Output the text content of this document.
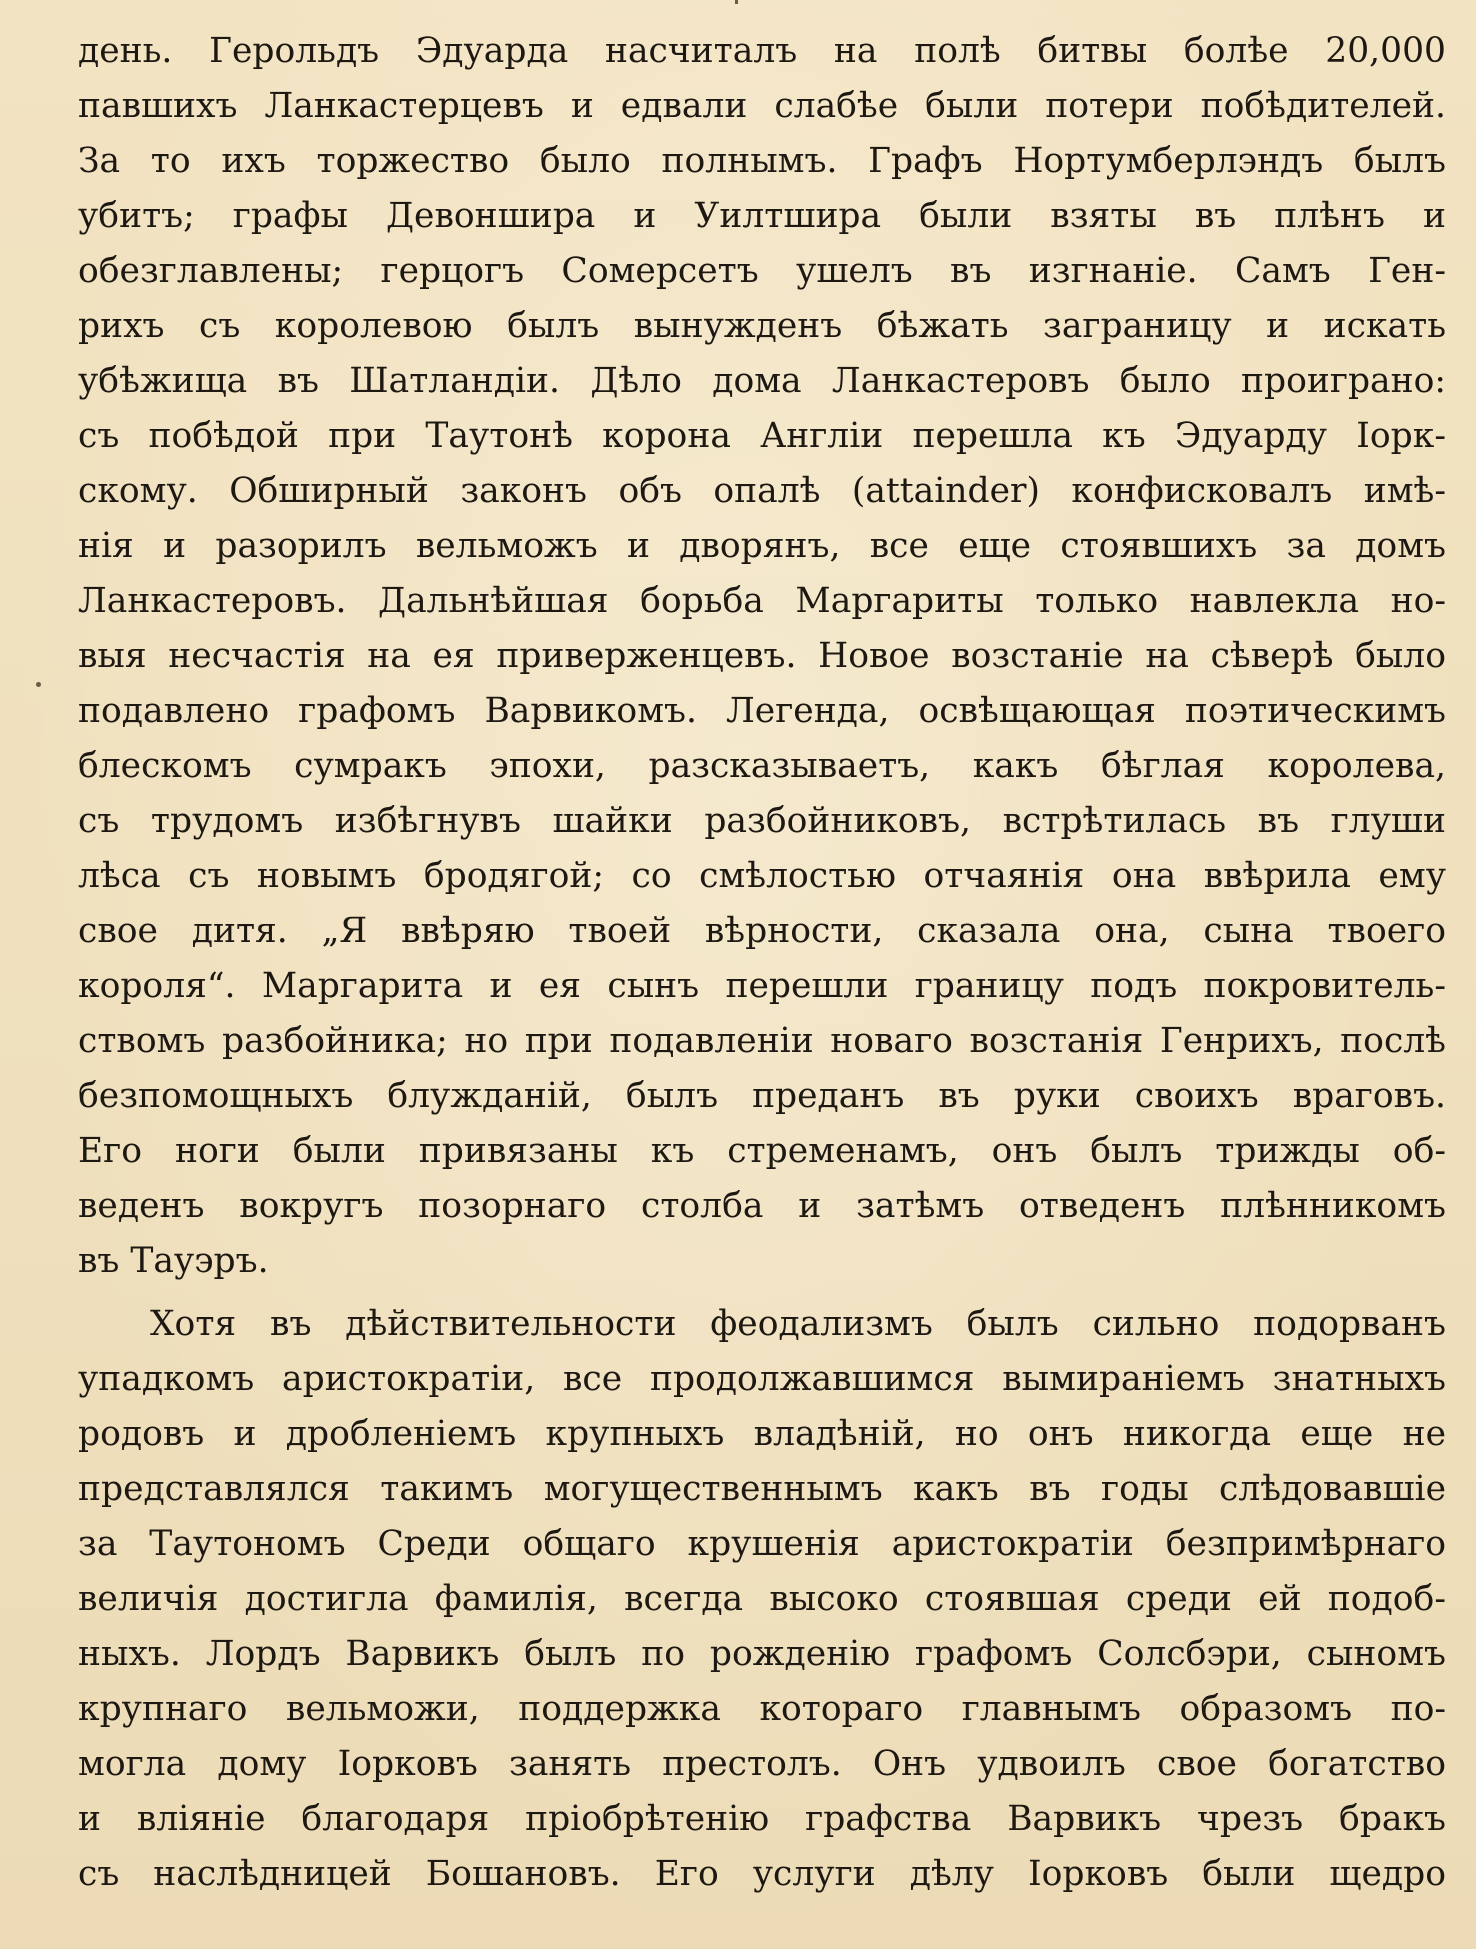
день. Герольдъ Эдуарда насчиталъ на полѣ битвы болѣе 20,000
павшихъ Ланкастерцевъ и едвали слабѣе были потери побѣдителей.
За то ихъ торжество было полнымъ. Графъ Нортумберлэндъ былъ
убитъ; графы Девоншира и Уилтшира были взяты въ плѣнъ и
обезглавлены; герцогъ Сомерсетъ ушелъ въ изгнаніе. Самъ Ген-
рихъ съ королевою былъ вынужденъ бѣжать заграницу и искать
убѣжища въ Шатландіи. Дѣло дома Ланкастеровъ было проиграно:
съ побѣдой при Таутонѣ корона Англіи перешла къ Эдуарду Іорк-
скому. Обширный законъ объ опалѣ (attainder) конфисковалъ имѣ-
нія и разорилъ вельможъ и дворянъ, все еще стоявшихъ за домъ
Ланкастеровъ. Дальнѣйшая борьба Маргариты только навлекла но-
выя несчастія на ея приверженцевъ. Новое возстаніе на сѣверѣ было
подавлено графомъ Варвикомъ. Легенда, освѣщающая поэтическимъ
блескомъ сумракъ эпохи, разсказываетъ, какъ бѣглая королева,
съ трудомъ избѣгнувъ шайки разбойниковъ, встрѣтилась въ глуши
лѣса съ новымъ бродягой; со смѣлостью отчаянія она ввѣрила ему
свое дитя. „Я ввѣряю твоей вѣрности, сказала она, сына твоего
короля“. Маргарита и ея сынъ перешли границу подъ покровитель-
ствомъ разбойника; но при подавленіи новаго возстанія Генрихъ, послѣ
безпомощныхъ блужданій, былъ преданъ въ руки своихъ враговъ.
Его ноги были привязаны къ стременамъ, онъ былъ трижды об-
веденъ вокругъ позорнаго столба и затѣмъ отведенъ плѣнникомъ
въ Тауэръ.
Хотя въ дѣйствительности феодализмъ былъ сильно подорванъ
упадкомъ аристократіи, все продолжавшимся вымираніемъ знатныхъ
родовъ и дробленіемъ крупныхъ владѣній, но онъ никогда еще не
представлялся такимъ могущественнымъ какъ въ годы слѣдовавшіе
за Таутономъ Среди общаго крушенія аристократіи безпримѣрнаго
величія достигла фамилія, всегда высоко стоявшая среди ей подоб-
ныхъ. Лордъ Варвикъ былъ по рожденію графомъ Солсбэри, сыномъ
крупнаго вельможи, поддержка котораго главнымъ образомъ по-
могла дому Іорковъ занять престолъ. Онъ удвоилъ свое богатство
и вліяніе благодаря пріобрѣтенію графства Варвикъ чрезъ бракъ
съ наслѣдницей Бошановъ. Его услуги дѣлу Іорковъ были щедро
